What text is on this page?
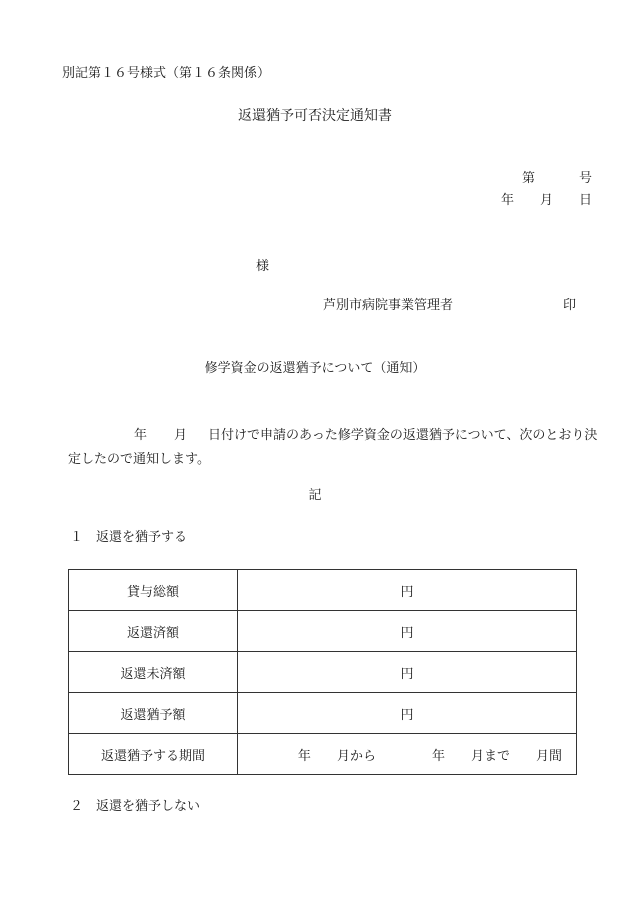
別記第１６号様式（第１６条関係）
返還猶予可否決定通知書
第	号
年 月 日
様
芦別市病院事業管理者	印
修学資金の返還猶予について（通知）
年 月 日付けで申請のあった修学資金の返還猶予について、次のとおり決定したので通知します。
記
１　返還を猶予する
貸与総額	円
返還済額	円
返還未済額	円
返還猶予額	円
返還猶予する期間	年 月から 年 月まで 月間
２　返還を猶予しない
